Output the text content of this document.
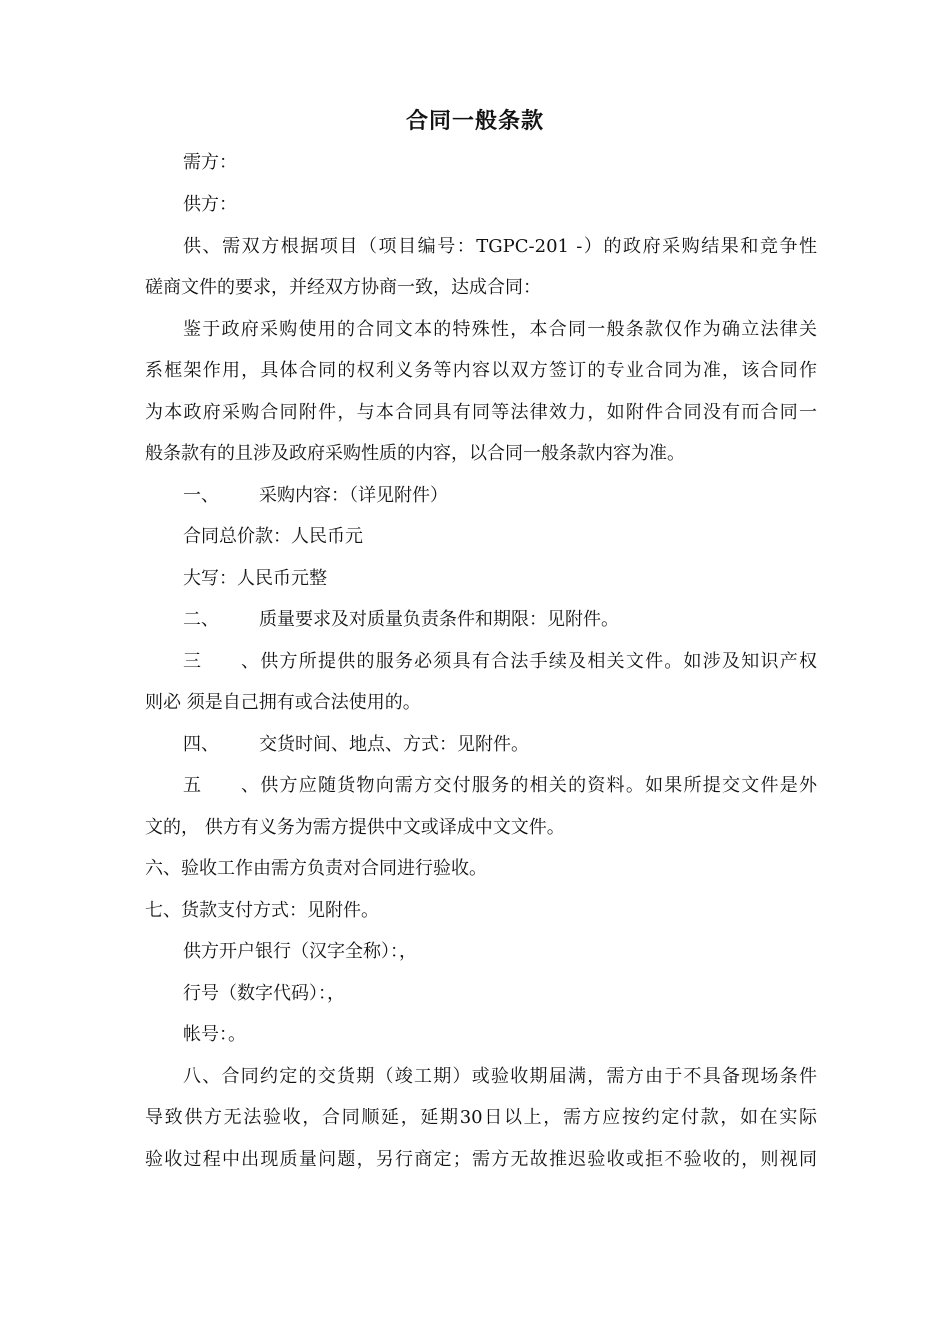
合同一般条款
需方：
供方：
供、需双方根据项目（项目编号：TGPC-201 -）的政府采购结果和竞争性
磋商文件的要求，并经双方协商一致，达成合同：
鉴于政府采购使用的合同文本的特殊性，本合同一般条款仅作为确立法律关
系框架作用，具体合同的权利义务等内容以双方签订的专业合同为准，该合同作
为本政府采购合同附件，与本合同具有同等法律效力，如附件合同没有而合同一
般条款有的且涉及政府采购性质的内容，以合同一般条款内容为准。
一、 采购内容：（详见附件）
合同总价款：人民币元
大写：人民币元整
二、 质量要求及对质量负责条件和期限：见附件。
三、供方所提供的服务必须具有合法手续及相关文件。如涉及知识产权
则必 须是自己拥有或合法使用的。
四、 交货时间、地点、方式：见附件。
五、供方应随货物向需方交付服务的相关的资料。如果所提交文件是外
文的， 供方有义务为需方提供中文或译成中文文件。
六、验收工作由需方负责对合同进行验收。
七、货款支付方式：见附件。
供方开户银行（汉字全称）：，
行号（数字代码）：，
帐号：。
八、合同约定的交货期（竣工期）或验收期届满，需方由于不具备现场条件
导致供方无法验收，合同顺延，延期30日以上，需方应按约定付款，如在实际
验收过程中出现质量问题，另行商定；需方无故推迟验收或拒不验收的，则视同
